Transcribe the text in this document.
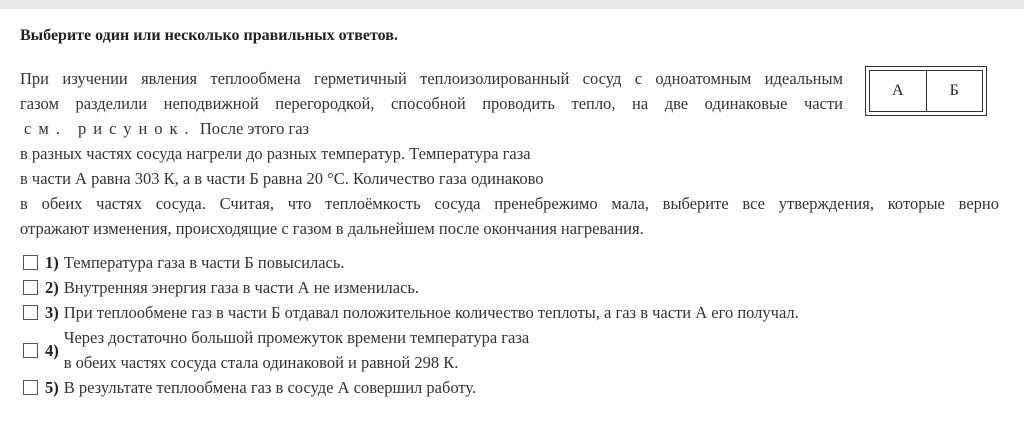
Выберите один или несколько правильных ответов.
При изучении явления теплообмена герметичный теплоизолированный сосуд с одноатомным идеальным
газом разделили неподвижной перегородкой, способной проводить тепло, на две одинаковые части
см. рисунок. После этого газ
в разных частях сосуда нагрели до разных температур. Температура газа
в части А равна 303 К, а в части Б равна 20 °С. Количество газа одинаково
в обеих частях сосуда. Считая, что теплоёмкость сосуда пренебрежимо мала, выберите все утверждения, которые верно
отражают изменения, происходящие с газом в дальнейшем после окончания нагревания.
А	Б
1) Температура газа в части Б повысилась.
2) Внутренняя энергия газа в части А не изменилась.
3) При теплообмене газ в части Б отдавал положительное количество теплоты, а газ в части А его получал.
4)
Через достаточно большой промежуток времени температура газа
в обеих частях сосуда стала одинаковой и равной 298 К.
5) В результате теплообмена газ в сосуде А совершил работу.
